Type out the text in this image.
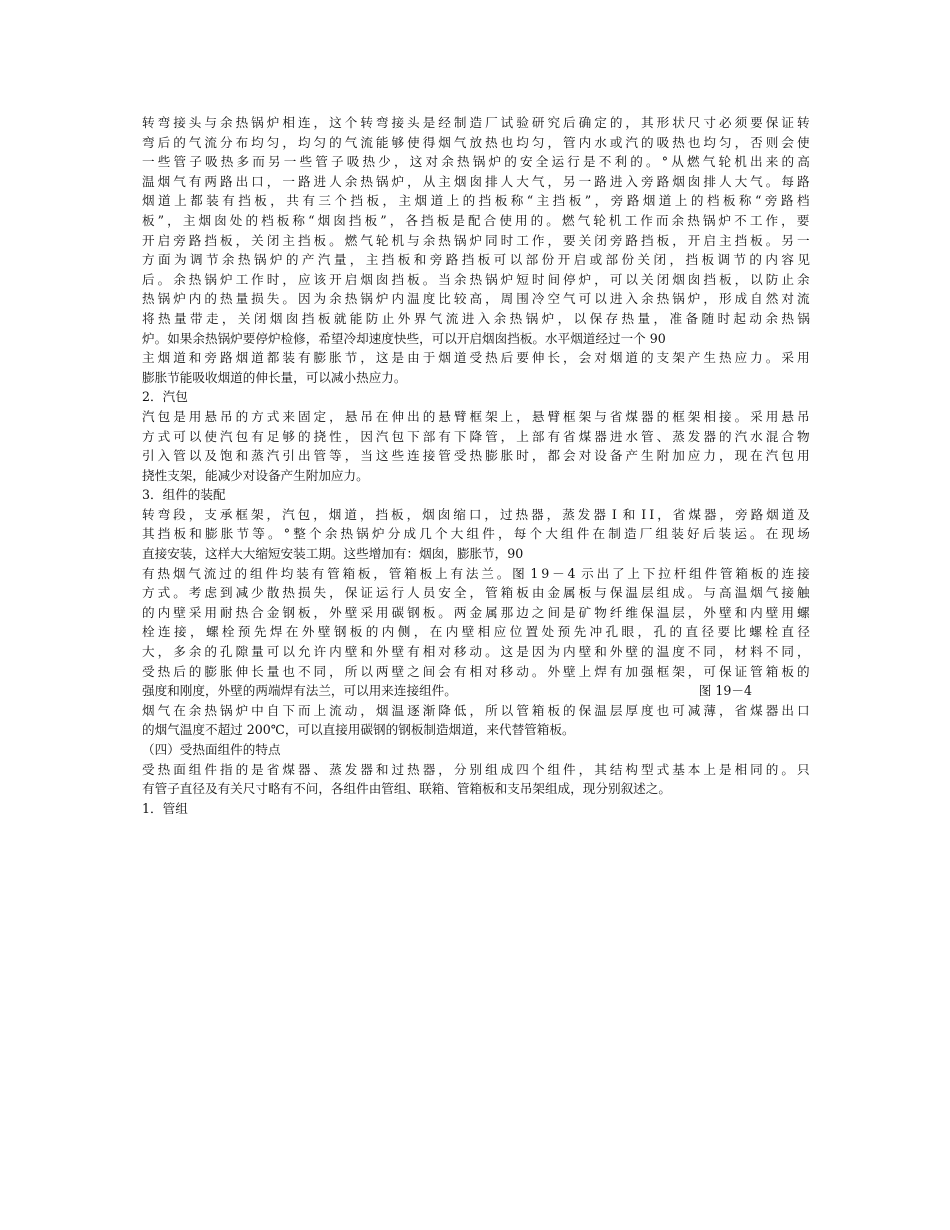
转 弯 接 头 与 余 热 锅 炉 相 连 ， 这 个 转 弯 接 头 是 经 制 造 厂 试 验 研 究 后 确 定 的 ， 其 形 状 尺 寸 必 须 要 保 证 转
弯 后 的 气 流 分 布 均 匀 ， 均 匀 的 气 流 能 够 使 得 烟 气 放 热 也 均 匀 ， 管 内 水 或 汽 的 吸 热 也 均 匀 ， 否 则 会 使
一 些 管 子 吸 热 多 而 另 一 些 管 子 吸 热 少 ， 这 对 余 热 锅 炉 的 安 全 运 行 是 不 利 的 。 ° 从 燃 气 轮 机 出 来 的 高
温 烟 气 有 两 路 出 口 ， 一 路 进 人 余 热 锅 炉 ， 从 主 烟 囱 排 人 大 气 ， 另 一 路 进 入 旁 路 烟 囱 排 人 大 气 。 每 路
烟 道 上 都 装 有 挡 板 ， 共 有 三 个 挡 板 ， 主 烟 道 上 的 挡 板 称 “ 主 挡 板 ” ， 旁 路 烟 道 上 的 档 板 称 “ 旁 路 档
板 ” ， 主 烟 囱 处 的 档 板 称 “ 烟 囱 挡 板 ” ， 各 挡 板 是 配 合 使 用 的 。 燃 气 轮 机 工 作 而 余 热 锅 炉 不 工 作 ， 要
开 启 旁 路 挡 板 ， 关 闭 主 挡 板 。 燃 气 轮 机 与 余 热 锅 炉 同 时 工 作 ， 要 关 闭 旁 路 挡 板 ， 开 启 主 挡 板 。 另 一
方 面 为 调 节 余 热 锅 炉 的 产 汽 量 ， 主 挡 板 和 旁 路 挡 板 可 以 部 份 开 启 或 部 份 关 闭 ， 挡 板 调 节 的 内 容 见
后 。 余 热 锅 炉 工 作 时 ， 应 该 开 启 烟 囱 挡 板 。 当 余 热 锅 炉 短 时 间 停 炉 ， 可 以 关 闭 烟 囱 挡 板 ， 以 防 止 余
热 锅 炉 内 的 热 量 损 失 。 因 为 余 热 锅 炉 内 温 度 比 较 高 ， 周 围 冷 空 气 可 以 进 入 余 热 锅 炉 ， 形 成 自 然 对 流
将 热 量 带 走 ， 关 闭 烟 囱 挡 板 就 能 防 止 外 界 气 流 进 入 余 热 锅 炉 ， 以 保 存 热 量 ， 准 备 随 时 起 动 余 热 锅
炉。如果余热锅炉要停炉检修，希望冷却速度快些，可以开启烟囱挡板。水平烟道经过一个 90
主 烟 道 和 旁 路 烟 道 都 装 有 膨 胀 节 ， 这 是 由 于 烟 道 受 热 后 要 伸 长 ， 会 对 烟 道 的 支 架 产 生 热 应 力 。 采 用
膨胀节能吸收烟道的伸长量，可以减小热应力。
2．汽包
汽 包 是 用 悬 吊 的 方 式 来 固 定 ， 悬 吊 在 伸 出 的 悬 臂 框 架 上 ， 悬 臂 框 架 与 省 煤 器 的 框 架 相 接 。 采 用 悬 吊
方 式 可 以 使 汽 包 有 足 够 的 挠 性 ， 因 汽 包 下 部 有 下 降 管 ， 上 部 有 省 煤 器 进 水 管 、 蒸 发 器 的 汽 水 混 合 物
引 入 管 以 及 饱 和 蒸 汽 引 出 管 等 ， 当 这 些 连 接 管 受 热 膨 胀 时 ， 都 会 对 设 备 产 生 附 加 应 力 ， 现 在 汽 包 用
挠性支架，能减少对设备产生附加应力。
3．组件的装配
转 弯 段 ， 支 承 框 架 ， 汽 包 ， 烟 道 ， 挡 板 ， 烟 囱 缩 口 ， 过 热 器 ， 蒸 发 器 I 和 I I ， 省 煤 器 ， 旁 路 烟 道 及
其 挡 板 和 膨 胀 节 等 。 ° 整 个 余 热 锅 炉 分 成 几 个 大 组 件 ， 每 个 大 组 件 在 制 造 厂 组 装 好 后 装 运 。 在 现 场
直接安装，这样大大缩短安装工期。这些增加有：烟囱，膨胀节，90
有 热 烟 气 流 过 的 组 件 均 装 有 管 箱 板 ， 管 箱 板 上 有 法 兰 。 图 1 9 － 4 示 出 了 上 下 拉 杆 组 件 管 箱 板 的 连 接
方 式 。 考 虑 到 减 少 散 热 损 失 ， 保 证 运 行 人 员 安 全 ， 管 箱 板 由 金 属 板 与 保 温 层 组 成 。 与 高 温 烟 气 接 触
的 内 壁 采 用 耐 热 合 金 钢 板 ， 外 壁 采 用 碳 钢 板 。 两 金 属 那 边 之 间 是 矿 物 纤 维 保 温 层 ， 外 壁 和 内 壁 用 螺
栓 连 接 ， 螺 栓 预 先 焊 在 外 壁 钢 板 的 内 侧 ， 在 内 壁 相 应 位 置 处 预 先 冲 孔 眼 ， 孔 的 直 径 要 比 螺 栓 直 径
大 ， 多 余 的 孔 隙 量 可 以 允 许 内 壁 和 外 壁 有 相 对 移 动 。 这 是 因 为 内 壁 和 外 壁 的 温 度 不 同 ， 材 料 不 同 ，
受 热 后 的 膨 胀 伸 长 量 也 不 同 ， 所 以 两 壁 之 间 会 有 相 对 移 动 。 外 壁 上 焊 有 加 强 框 架 ， 可 保 证 管 箱 板 的
强度和刚度，外壁的两端焊有法兰，可以用来连接组件。	图 19－4
烟 气 在 余 热 锅 炉 中 自 下 而 上 流 动 ， 烟 温 逐 渐 降 低 ， 所 以 管 箱 板 的 保 温 层 厚 度 也 可 减 薄 ， 省 煤 器 出 口
的烟气温度不超过 200℃，可以直接用碳钢的钢板制造烟道，来代替管箱板。
（四）受热面组件的特点
受 热 面 组 件 指 的 是 省 煤 器 、 蒸 发 器 和 过 热 器 ， 分 别 组 成 四 个 组 件 ， 其 结 构 型 式 基 本 上 是 相 同 的 。 只
有管子直径及有关尺寸略有不问，各组件由管组、联箱、管箱板和支吊架组成，现分别叙述之。
1．管组
